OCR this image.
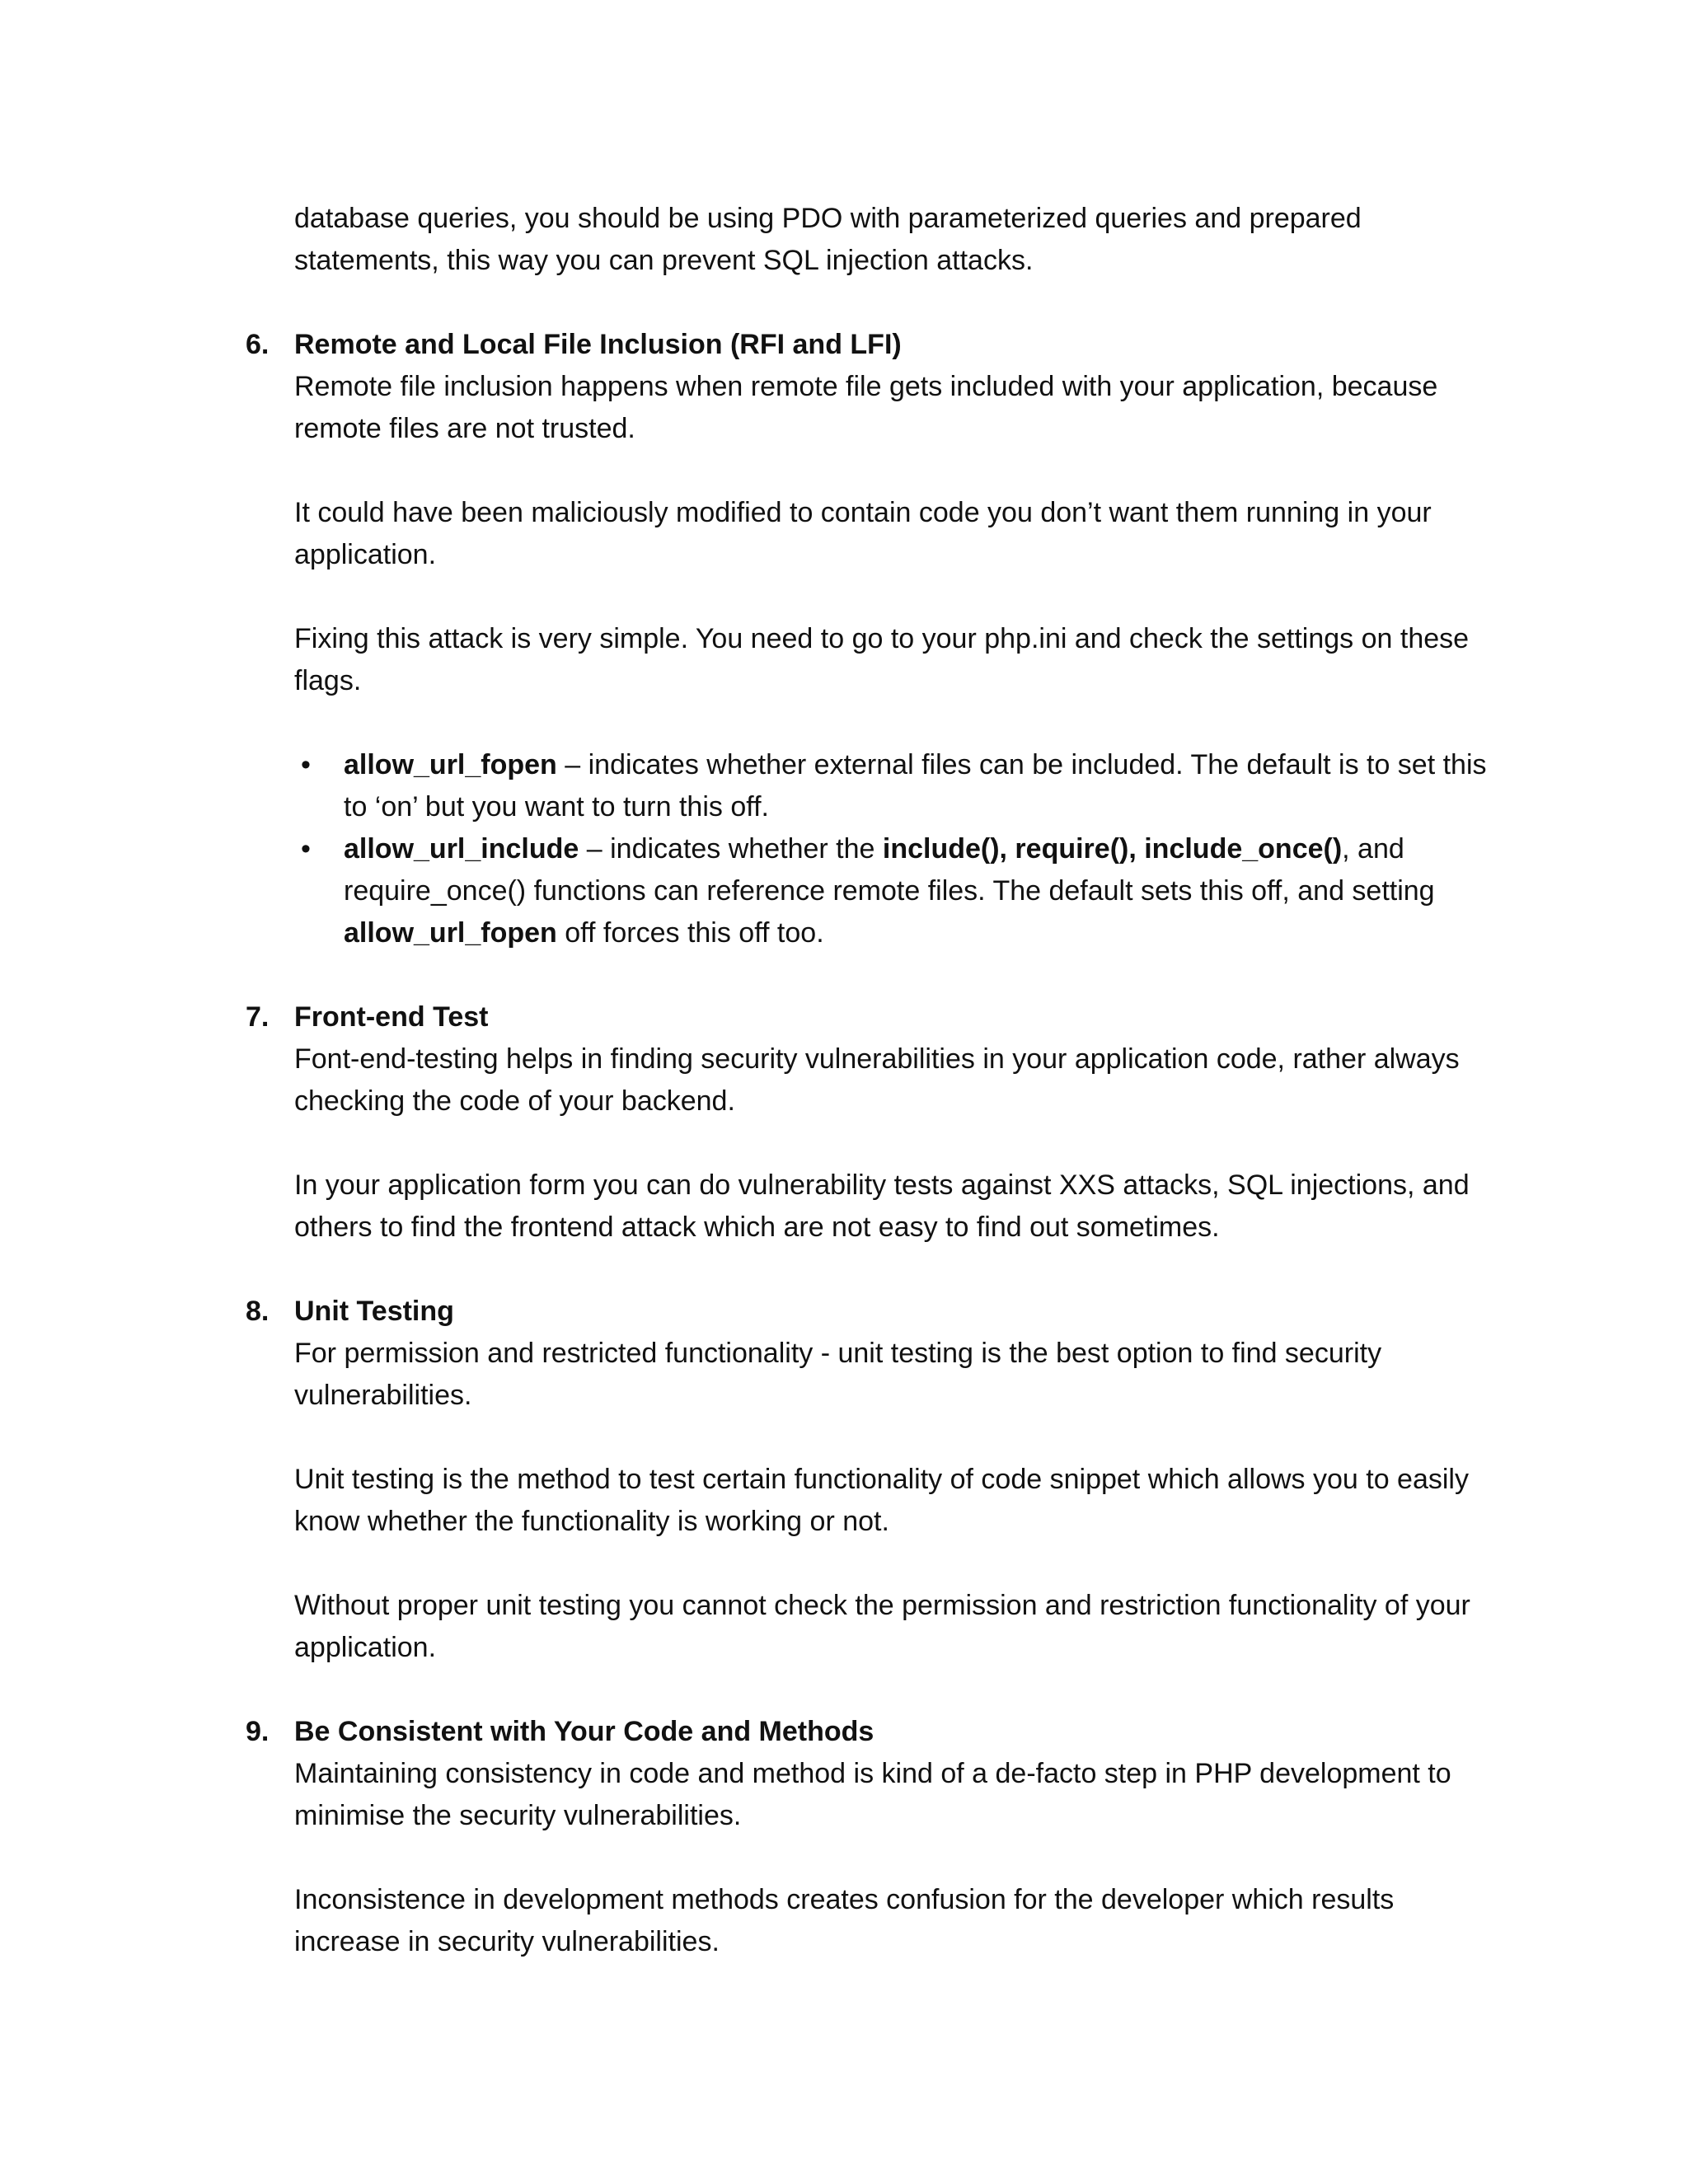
database queries, you should be using PDO with parameterized queries and prepared statements, this way you can prevent SQL injection attacks.

6. Remote and Local File Inclusion (RFI and LFI)

Remote file inclusion happens when remote file gets included with your application, because remote files are not trusted.

It could have been maliciously modified to contain code you don’t want them running in your application.

Fixing this attack is very simple. You need to go to your php.ini and check the settings on these flags.

• allow_url_fopen – indicates whether external files can be included. The default is to set this to ‘on’ but you want to turn this off.
• allow_url_include – indicates whether the include(), require(), include_once(), and require_once() functions can reference remote files. The default sets this off, and setting allow_url_fopen off forces this off too.
7. Front-end Test

Font-end-testing helps in finding security vulnerabilities in your application code, rather always checking the code of your backend.

In your application form you can do vulnerability tests against XXS attacks, SQL injections, and others to find the frontend attack which are not easy to find out sometimes.

8. Unit Testing

For permission and restricted functionality - unit testing is the best option to find security vulnerabilities.

Unit testing is the method to test certain functionality of code snippet which allows you to easily know whether the functionality is working or not.

Without proper unit testing you cannot check the permission and restriction functionality of your application.

9. Be Consistent with Your Code and Methods

Maintaining consistency in code and method is kind of a de-facto step in PHP development to minimise the security vulnerabilities.

Inconsistence in development methods creates confusion for the developer which results increase in security vulnerabilities.
